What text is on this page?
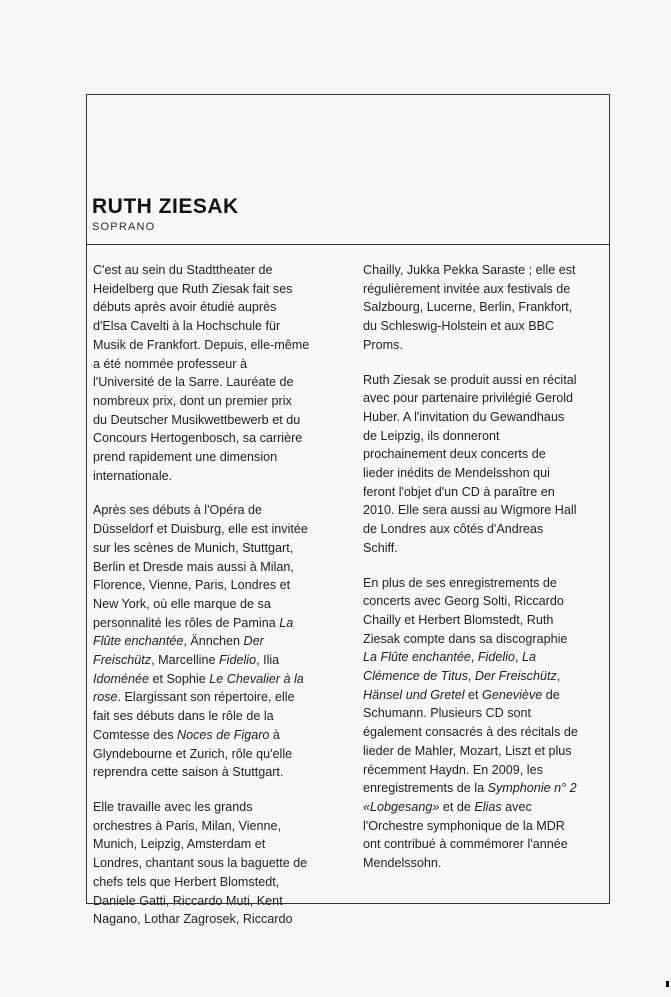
RUTH ZIESAK
SOPRANO
C'est au sein du Stadttheater de
Heidelberg que Ruth Ziesak fait ses
débuts après avoir étudié auprès
d'Elsa Cavelti à la Hochschule für
Musik de Frankfort. Depuis, elle-même
a été nommée professeur à
l'Université de la Sarre. Lauréate de
nombreux prix, dont un premier prix
du Deutscher Musikwettbewerb et du
Concours Hertogenbosch, sa carrière
prend rapidement une dimension
internationale.
Après ses débuts à l'Opéra de
Düsseldorf et Duisburg, elle est invitée
sur les scènes de Munich, Stuttgart,
Berlin et Dresde mais aussi à Milan,
Florence, Vienne, Paris, Londres et
New York, où elle marque de sa
personnalité les rôles de Pamina La
Flûte enchantée, Ännchen Der
Freischütz, Marcelline Fidelio, Ilia
Idoménée et Sophie Le Chevalier à la
rose. Elargissant son répertoire, elle
fait ses débuts dans le rôle de la
Comtesse des Noces de Figaro à
Glyndebourne et Zurich, rôle qu'elle
reprendra cette saison à Stuttgart.
Elle travaille avec les grands
orchestres à Paris, Milan, Vienne,
Munich, Leipzig, Amsterdam et
Londres, chantant sous la baguette de
chefs tels que Herbert Blomstedt,
Daniele Gatti, Riccardo Muti, Kent
Nagano, Lothar Zagrosek, Riccardo
Chailly, Jukka Pekka Saraste ; elle est
régulièrement invitée aux festivals de
Salzbourg, Lucerne, Berlin, Frankfort,
du Schleswig-Holstein et aux BBC
Proms.
Ruth Ziesak se produit aussi en récital
avec pour partenaire privilégié Gerold
Huber. A l'invitation du Gewandhaus
de Leipzig, ils donneront
prochainement deux concerts de
lieder inédits de Mendelsshon qui
feront l'objet d'un CD à paraître en
2010. Elle sera aussi au Wigmore Hall
de Londres aux côtés d'Andreas
Schiff.
En plus de ses enregistrements de
concerts avec Georg Solti, Riccardo
Chailly et Herbert Blomstedt, Ruth
Ziesak compte dans sa discographie
La Flûte enchantée, Fidelio, La
Clémence de Titus, Der Freischütz,
Hänsel und Gretel et Geneviève de
Schumann. Plusieurs CD sont
également consacrés à des récitals de
lieder de Mahler, Mozart, Liszt et plus
récemment Haydn. En 2009, les
enregistrements de la Symphonie n° 2
«Lobgesang» et de Elias avec
l'Orchestre symphonique de la MDR
ont contribué à commémorer l'année
Mendelssohn.
